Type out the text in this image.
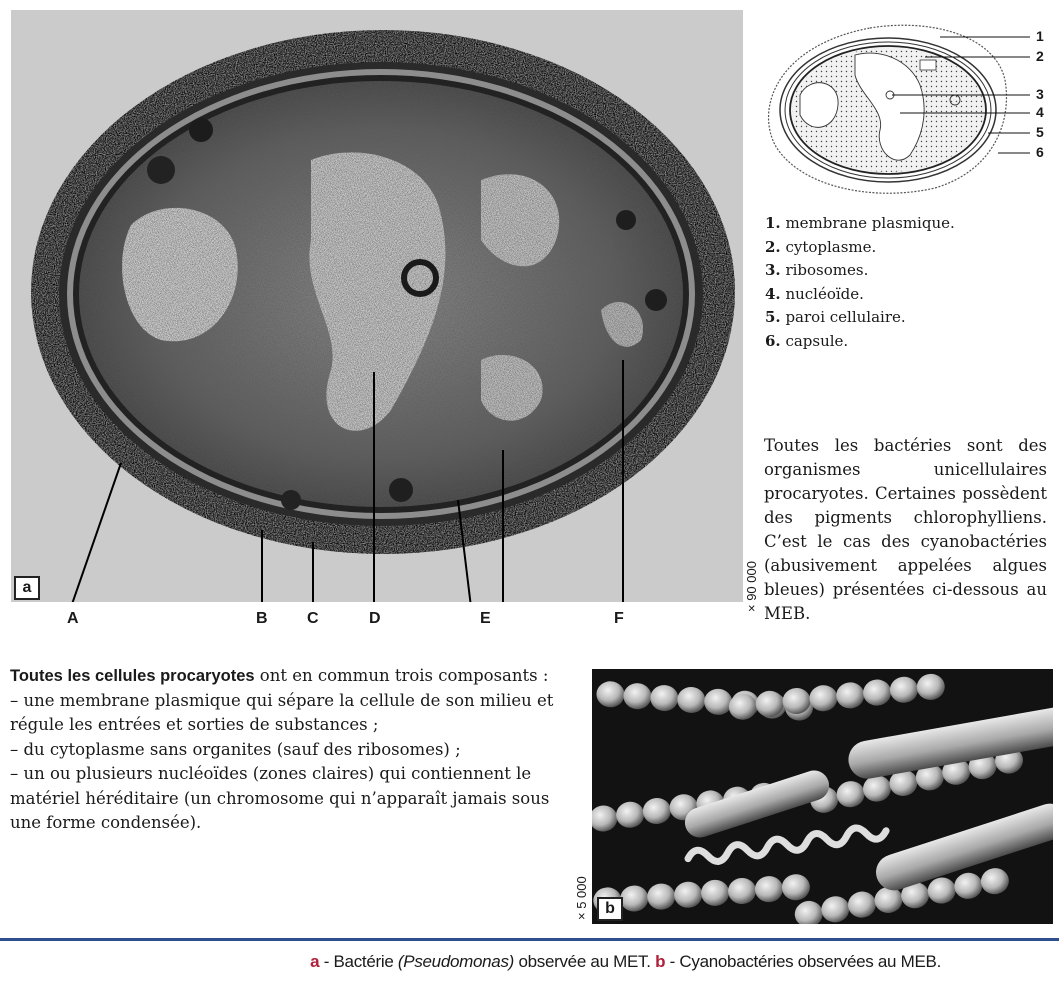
a
A	B C	D	E	F
1
2
3
4
5
6
1. membrane plasmique.
2. cytoplasme.
3. ribosomes.
4. nucléoïde.
5. paroi cellulaire.
6. capsule.
Toutes les bactéries sont des organismes unicellulaires procaryotes. Certaines possèdent des pigments chlorophylliens. C’est le cas des cyanobactéries (abusivement appelées algues bleues) présentées ci-dessous au MEB.
× 90 000

Toutes les cellules procaryotes ont en commun trois composants :

– une membrane plasmique qui sépare la cellule de son milieu et régule les entrées et sorties de substances ;

– du cytoplasme sans organites (sauf des ribosomes) ;

– un ou plusieurs nucléoïdes (zones claires) qui contiennent le matériel héréditaire (un chromosome qui n’apparaît jamais sous une forme condensée).

b
× 5 000
a - Bactérie (Pseudomonas) observée au MET. b - Cyanobactéries observées au MEB.
